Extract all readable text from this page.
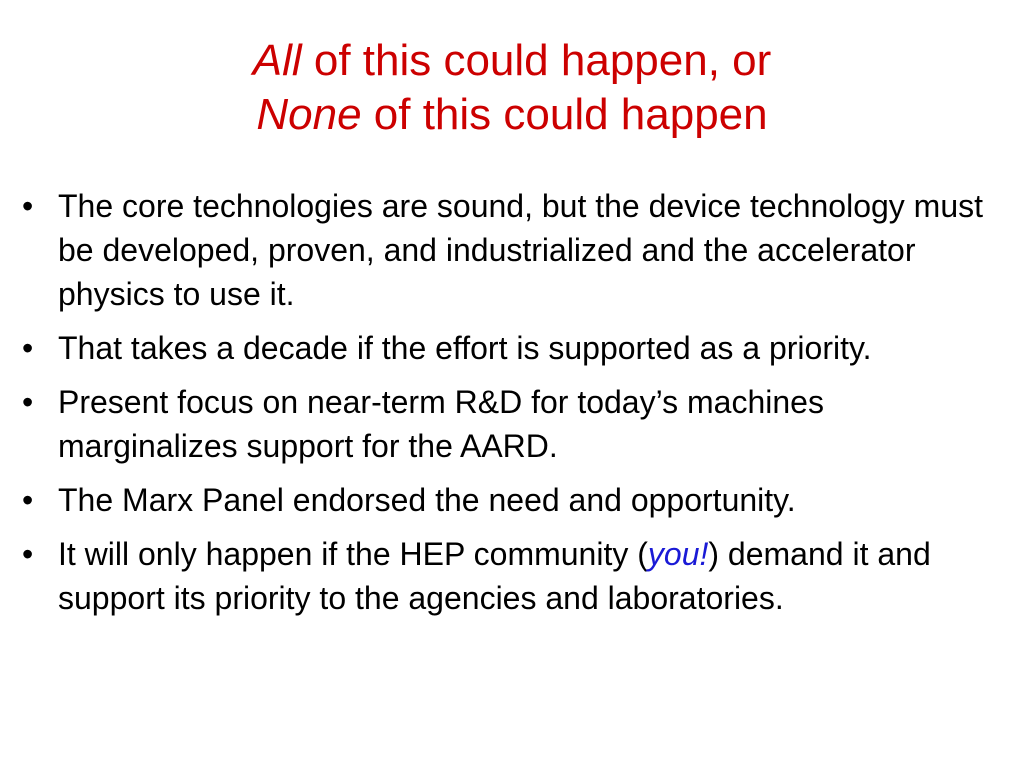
All of this could happen, or
None of this could happen
• The core technologies are sound, but the device technology must be developed, proven, and industrialized and the accelerator physics to use it.
• That takes a decade if the effort is supported as a priority.
• Present focus on near-term R&D for today’s machines marginalizes support for the AARD.
• The Marx Panel endorsed the need and opportunity.
• It will only happen if the HEP community (you!) demand it and support its priority to the agencies and laboratories.
